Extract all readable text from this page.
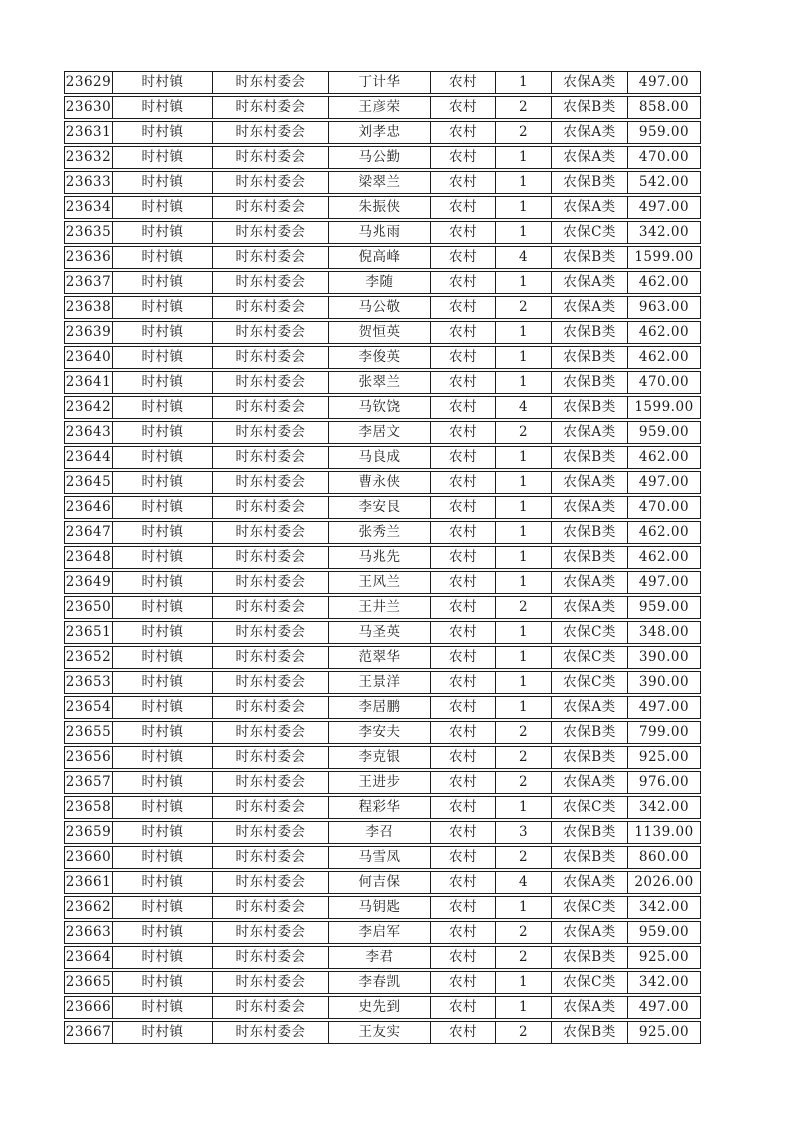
23629	时村镇	时东村委会	丁计华	农村	1	农保A类	497.00
23630	时村镇	时东村委会	王彦荣	农村	2	农保B类	858.00
23631	时村镇	时东村委会	刘孝忠	农村	2	农保A类	959.00
23632	时村镇	时东村委会	马公勤	农村	1	农保A类	470.00
23633	时村镇	时东村委会	梁翠兰	农村	1	农保B类	542.00
23634	时村镇	时东村委会	朱振侠	农村	1	农保A类	497.00
23635	时村镇	时东村委会	马兆雨	农村	1	农保C类	342.00
23636	时村镇	时东村委会	倪高峰	农村	4	农保B类	1599.00
23637	时村镇	时东村委会	李随	农村	1	农保A类	462.00
23638	时村镇	时东村委会	马公敬	农村	2	农保A类	963.00
23639	时村镇	时东村委会	贺恒英	农村	1	农保B类	462.00
23640	时村镇	时东村委会	李俊英	农村	1	农保B类	462.00
23641	时村镇	时东村委会	张翠兰	农村	1	农保B类	470.00
23642	时村镇	时东村委会	马钦饶	农村	4	农保B类	1599.00
23643	时村镇	时东村委会	李居文	农村	2	农保A类	959.00
23644	时村镇	时东村委会	马良成	农村	1	农保B类	462.00
23645	时村镇	时东村委会	曹永侠	农村	1	农保A类	497.00
23646	时村镇	时东村委会	李安艮	农村	1	农保A类	470.00
23647	时村镇	时东村委会	张秀兰	农村	1	农保B类	462.00
23648	时村镇	时东村委会	马兆先	农村	1	农保B类	462.00
23649	时村镇	时东村委会	王风兰	农村	1	农保A类	497.00
23650	时村镇	时东村委会	王井兰	农村	2	农保A类	959.00
23651	时村镇	时东村委会	马圣英	农村	1	农保C类	348.00
23652	时村镇	时东村委会	范翠华	农村	1	农保C类	390.00
23653	时村镇	时东村委会	王景洋	农村	1	农保C类	390.00
23654	时村镇	时东村委会	李居鹏	农村	1	农保A类	497.00
23655	时村镇	时东村委会	李安夫	农村	2	农保B类	799.00
23656	时村镇	时东村委会	李克银	农村	2	农保B类	925.00
23657	时村镇	时东村委会	王进步	农村	2	农保A类	976.00
23658	时村镇	时东村委会	程彩华	农村	1	农保C类	342.00
23659	时村镇	时东村委会	李召	农村	3	农保B类	1139.00
23660	时村镇	时东村委会	马雪凤	农村	2	农保B类	860.00
23661	时村镇	时东村委会	何吉保	农村	4	农保A类	2026.00
23662	时村镇	时东村委会	马钥匙	农村	1	农保C类	342.00
23663	时村镇	时东村委会	李启军	农村	2	农保A类	959.00
23664	时村镇	时东村委会	李君	农村	2	农保B类	925.00
23665	时村镇	时东村委会	李春凯	农村	1	农保C类	342.00
23666	时村镇	时东村委会	史先到	农村	1	农保A类	497.00
23667	时村镇	时东村委会	王友实	农村	2	农保B类	925.00
